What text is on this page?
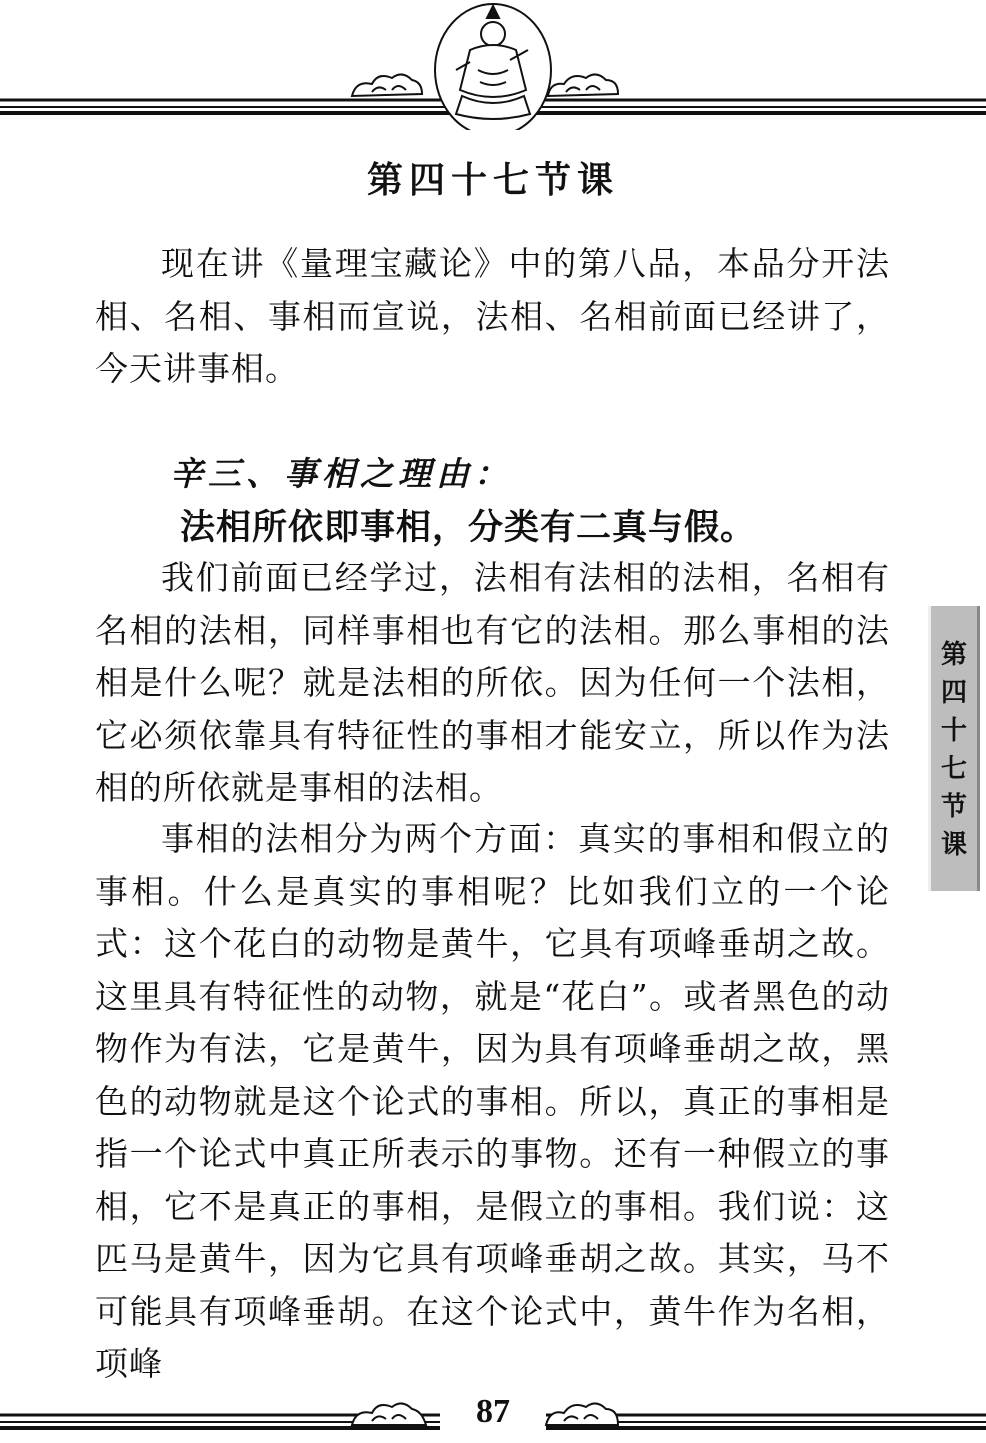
第四十七节课

现在讲《量理宝藏论》中的第八品，本品分开法相、名相、事相而宣说，法相、名相前面已经讲了，今天讲事相。

辛三、事相之理由：
法相所依即事相，分类有二真与假。

我们前面已经学过，法相有法相的法相，名相有名相的法相，同样事相也有它的法相。那么事相的法相是什么呢？就是法相的所依。因为任何一个法相，它必须依靠具有特征性的事相才能安立，所以作为法相的所依就是事相的法相。

事相的法相分为两个方面：真实的事相和假立的事相。什么是真实的事相呢？比如我们立的一个论式：这个花白的动物是黄牛，它具有项峰垂胡之故。这里具有特征性的动物，就是“花白”。或者黑色的动物作为有法，它是黄牛，因为具有项峰垂胡之故，黑色的动物就是这个论式的事相。所以，真正的事相是指一个论式中真正所表示的事物。还有一种假立的事相，它不是真正的事相，是假立的事相。我们说：这匹马是黄牛，因为它具有项峰垂胡之故。其实，马不可能具有项峰垂胡。在这个论式中，黄牛作为名相，项峰

第四十七节课
87
